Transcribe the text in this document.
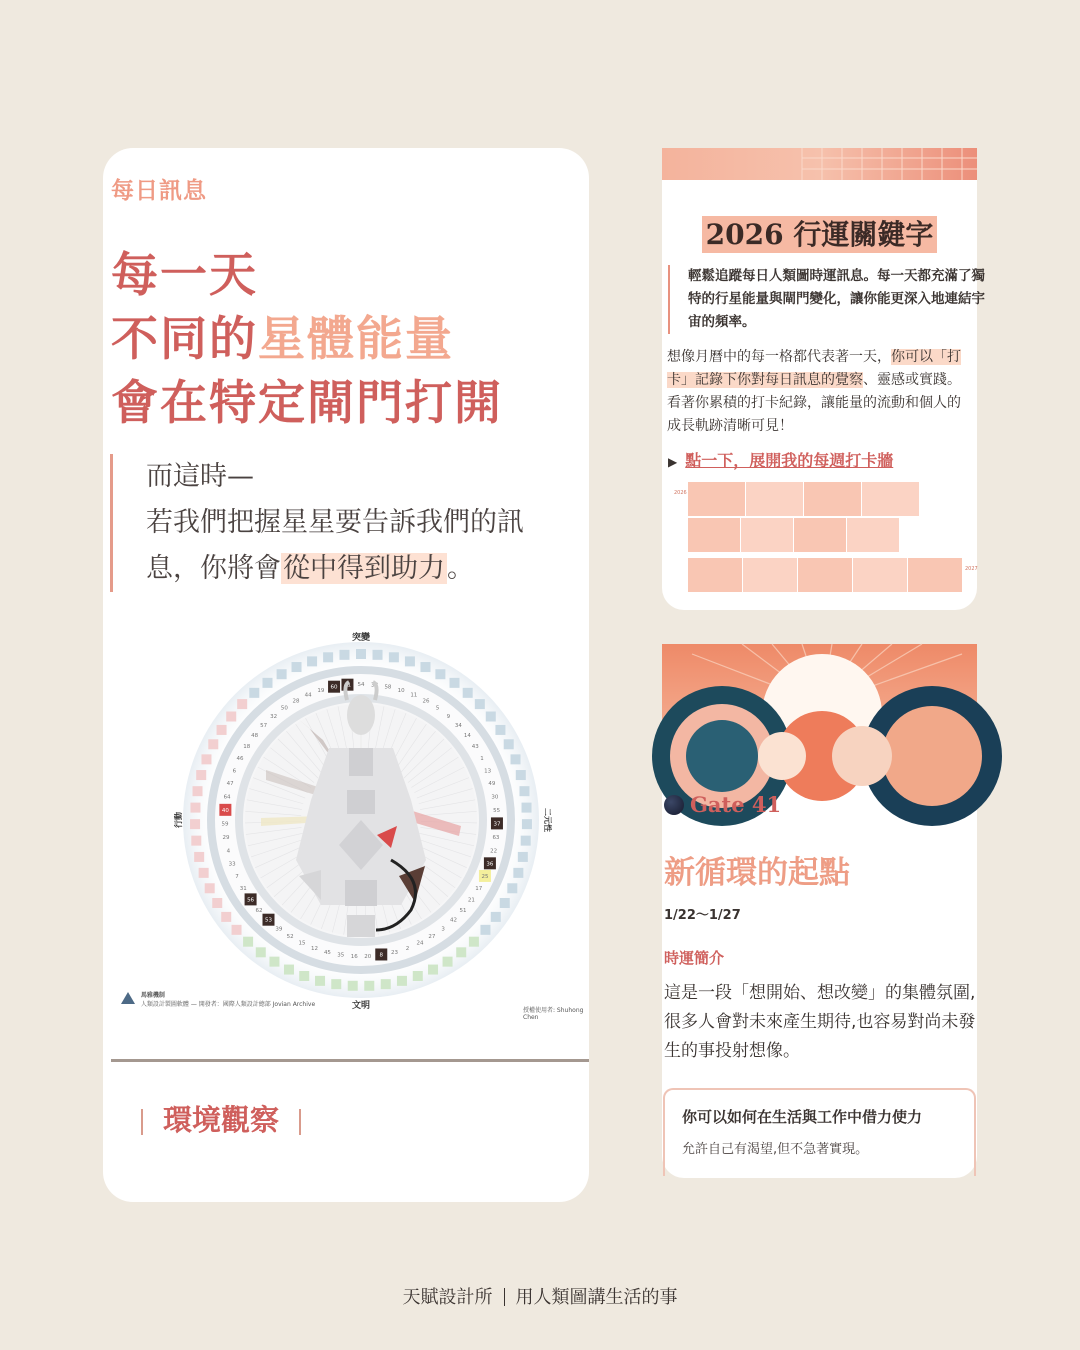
每日訊息
每一天
不同的星體能量
會在特定閘門打開
而這時—
若我們把握星星要告訴我們的訊
息，你將會從中得到助力。
54 38 58
10
11
26
5
9
34
14
43
1
13
49
30
55
37
63
22
36
25
17
21
51
42
3
27
24
2
23
8
20
16
35
45
12
15
52
39
53
62
56
31
7
33
4
29
59
40
64
47
6
46
18
48
57
32
50
28
44
19
60 41
突變
文明
行動	二元性

馬雅機制
人類設計製圖軟體 — 開發者：國際人類設計總部 Jovian Archive
授權使用者: Shuhong Chen
環境觀察
2026 行運關鍵字
輕鬆追蹤每日人類圖時運訊息。每一天都充滿了獨特的行星能量與閘門變化，讓你能更深入地連結宇宙的頻率。
想像月曆中的每一格都代表著一天，你可以「打卡」記錄下你對每日訊息的覺察、靈感或實踐。看著你累積的打卡紀錄，讓能量的流動和個人的成長軌跡清晰可見！
▶ 點一下，展開我的每週打卡牆
2026
2027
Gate 41
新循環的起點
1/22～1/27
時運簡介
這是一段「想開始、想改變」的集體氛圍,很多人會對未來產生期待,也容易對尚未發生的事投射想像。
你可以如何在生活與工作中借力使力
允許自己有渴望,但不急著實現。
天賦設計所 用人類圖講生活的事
